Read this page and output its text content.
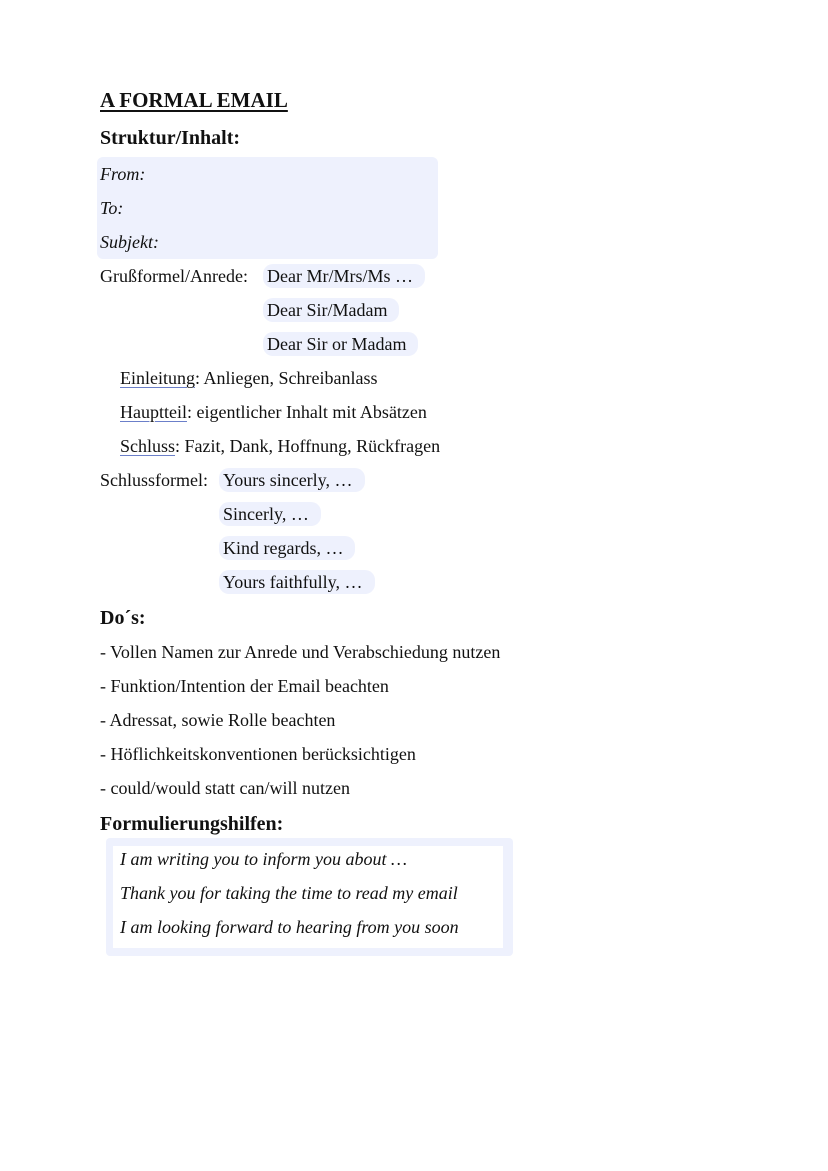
A FORMAL EMAIL
Struktur/Inhalt:
From:
To:
Subjekt:
Grußformel/Anrede: Dear Mr/Mrs/Ms …
Dear Sir/Madam
Dear Sir or Madam
Einleitung: Anliegen, Schreibanlass
Hauptteil: eigentlicher Inhalt mit Absätzen
Schluss: Fazit, Dank, Hoffnung, Rückfragen
Schlussformel: Yours sincerly, …
Sincerly, …
Kind regards, …
Yours faithfully, …
Do´s:
- Vollen Namen zur Anrede und Verabschiedung nutzen
- Funktion/Intention der Email beachten
- Adressat, sowie Rolle beachten
- Höflichkeitskonventionen berücksichtigen
- could/would statt can/will nutzen
Formulierungshilfen:
I am writing you to inform you about …
Thank you for taking the time to read my email
I am looking forward to hearing from you soon
